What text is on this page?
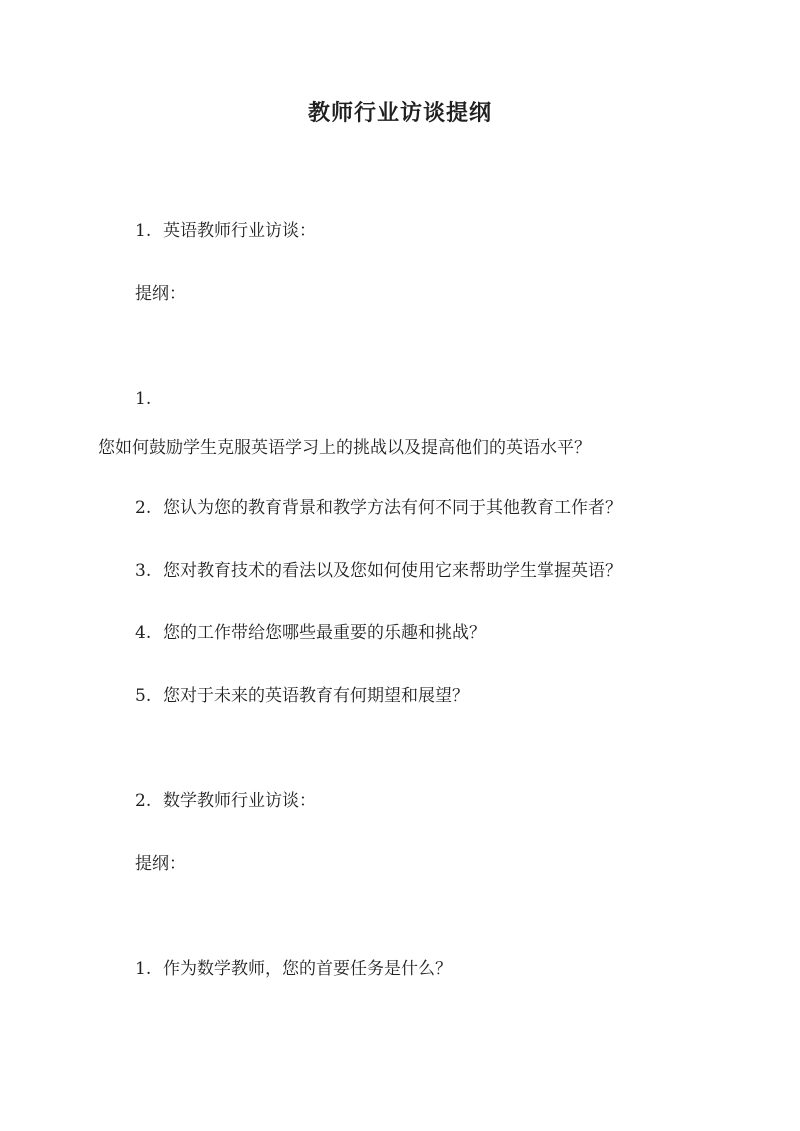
教师行业访谈提纲

1. 英语教师行业访谈：

提纲：

1.

您如何鼓励学生克服英语学习上的挑战以及提高他们的英语水平？

2. 您认为您的教育背景和教学方法有何不同于其他教育工作者？

3. 您对教育技术的看法以及您如何使用它来帮助学生掌握英语？

4. 您的工作带给您哪些最重要的乐趣和挑战？

5. 您对于未来的英语教育有何期望和展望？

2. 数学教师行业访谈：

提纲：

1. 作为数学教师，您的首要任务是什么？
